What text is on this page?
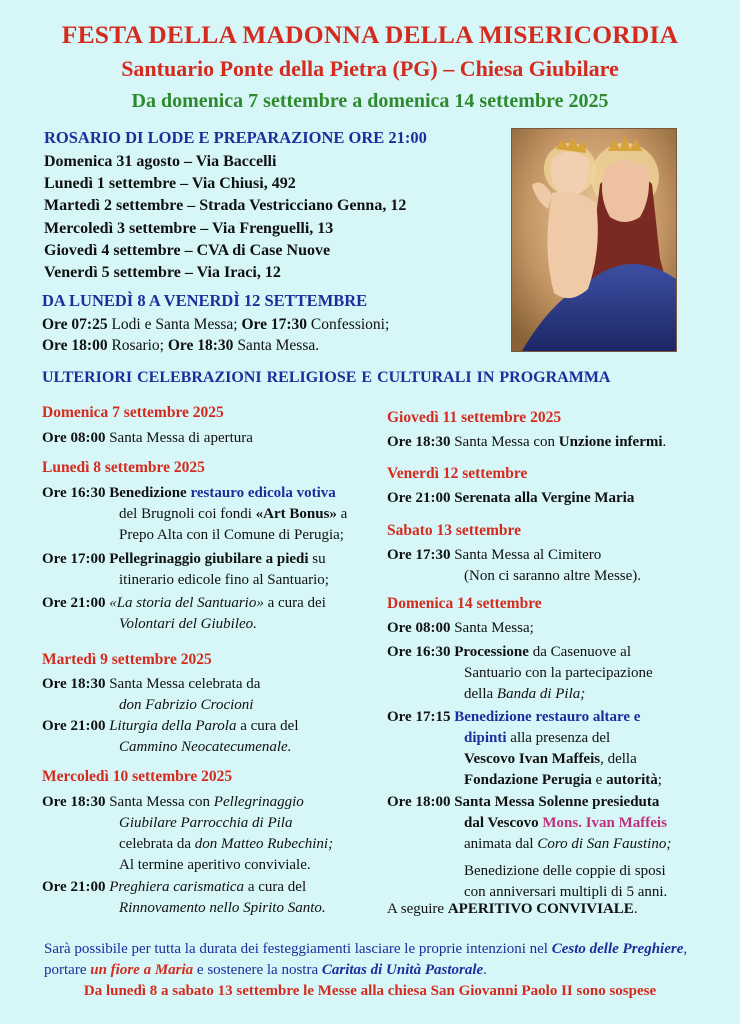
FESTA DELLA MADONNA DELLA MISERICORDIA
Santuario Ponte della Pietra (PG) – Chiesa Giubilare
Da domenica 7 settembre a domenica 14 settembre 2025
ROSARIO DI LODE E PREPARAZIONE ORE 21:00
Domenica 31 agosto – Via Baccelli
Lunedì 1 settembre – Via Chiusi, 492
Martedì 2 settembre – Strada Vestricciano Genna, 12
Mercoledì 3 settembre – Via Frenguelli, 13
Giovedì 4 settembre – CVA di Case Nuove
Venerdì 5 settembre – Via Iraci, 12
DA LUNEDÌ 8 A VENERDÌ 12 SETTEMBRE
Ore 07:25 Lodi e Santa Messa; Ore 17:30 Confessioni;
Ore 18:00 Rosario; Ore 18:30 Santa Messa.
ULTERIORI CELEBRAZIONI RELIGIOSE E CULTURALI IN PROGRAMMA
Domenica 7 settembre 2025
Ore 08:00 Santa Messa di apertura
Lunedì 8 settembre 2025
Ore 16:30 Benedizione restauro edicola votiva
del Brugnoli coi fondi «Art Bonus» a
Prepo Alta con il Comune di Perugia;
Ore 17:00 Pellegrinaggio giubilare a piedi su
itinerario edicole fino al Santuario;
Ore 21:00 «La storia del Santuario» a cura dei
Volontari del Giubileo.
Martedì 9 settembre 2025
Ore 18:30 Santa Messa celebrata da
don Fabrizio Crocioni
Ore 21:00 Liturgia della Parola a cura del
Cammino Neocatecumenale.
Mercoledì 10 settembre 2025
Ore 18:30 Santa Messa con Pellegrinaggio
Giubilare Parrocchia di Pila
celebrata da don Matteo Rubechini;
Al termine aperitivo conviviale.
Ore 21:00 Preghiera carismatica a cura del
Rinnovamento nello Spirito Santo.
Giovedì 11 settembre 2025
Ore 18:30 Santa Messa con Unzione infermi.
Venerdì 12 settembre
Ore 21:00 Serenata alla Vergine Maria
Sabato 13 settembre
Ore 17:30 Santa Messa al Cimitero
(Non ci saranno altre Messe).
Domenica 14 settembre
Ore 08:00 Santa Messa;
Ore 16:30 Processione da Casenuove al
Santuario con la partecipazione
della Banda di Pila;
Ore 17:15 Benedizione restauro altare e
dipinti alla presenza del
Vescovo Ivan Maffeis, della
Fondazione Perugia e autorità;
Ore 18:00 Santa Messa Solenne presieduta
dal Vescovo Mons. Ivan Maffeis
animata dal Coro di San Faustino;
Benedizione delle coppie di sposi
con anniversari multipli di 5 anni.
A seguire APERITIVO CONVIVIALE.

Sarà possibile per tutta la durata dei festeggiamenti lasciare le proprie intenzioni nel Cesto delle Preghiere, portare un fiore a Maria e sostenere la nostra Caritas di Unità Pastorale.

Da lunedì 8 a sabato 13 settembre le Messe alla chiesa San Giovanni Paolo II sono sospese
